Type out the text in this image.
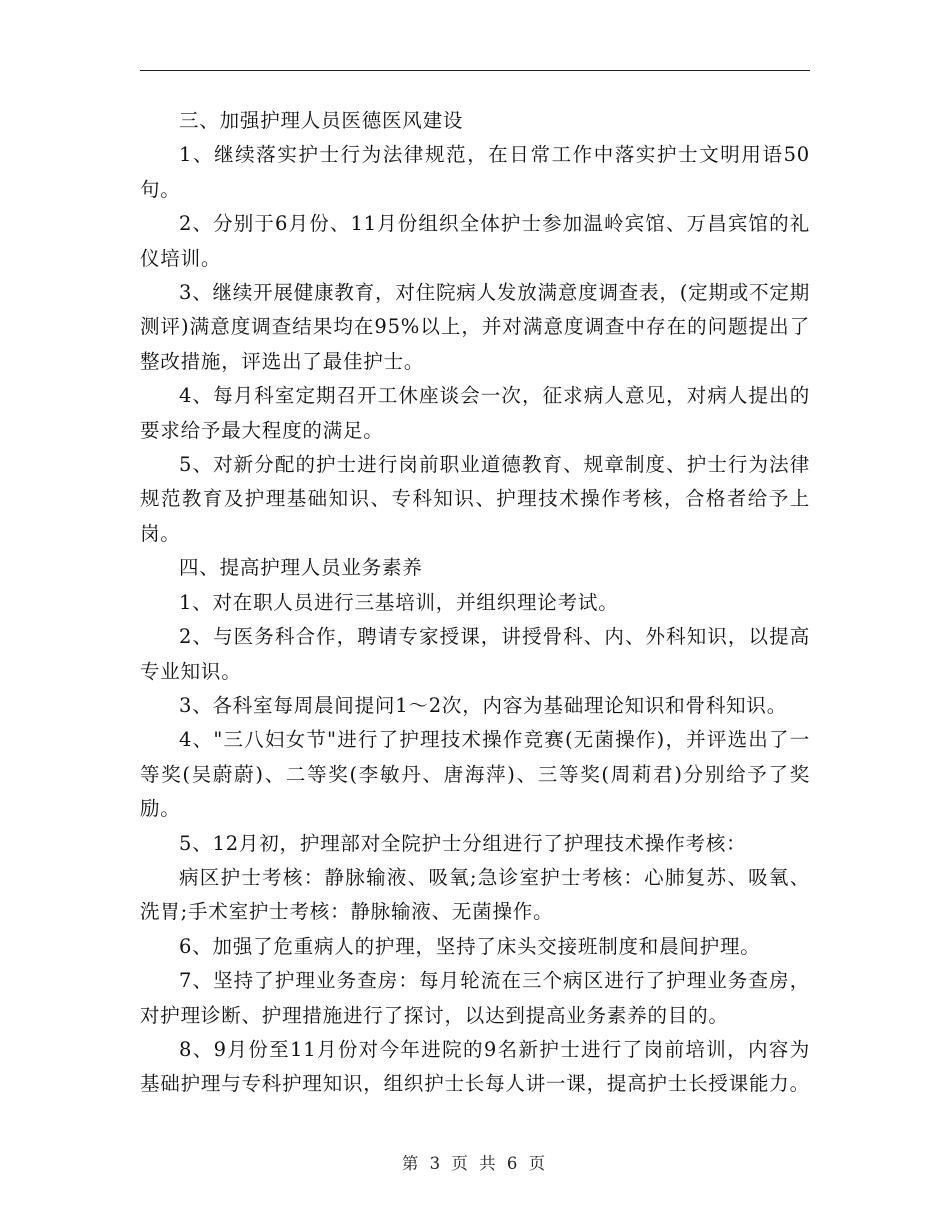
三、加强护理人员医德医风建设

1、继续落实护士行为法律规范，在日常工作中落实护士文明用语50句。

2、分别于6月份、11月份组织全体护士参加温岭宾馆、万昌宾馆的礼仪培训。

3、继续开展健康教育，对住院病人发放满意度调查表，(定期或不定期测评)满意度调查结果均在95%以上，并对满意度调查中存在的问题提出了整改措施，评选出了最佳护士。

4、每月科室定期召开工休座谈会一次，征求病人意见，对病人提出的要求给予最大程度的满足。

5、对新分配的护士进行岗前职业道德教育、规章制度、护士行为法律规范教育及护理基础知识、专科知识、护理技术操作考核，合格者给予上岗。

四、提高护理人员业务素养

1、对在职人员进行三基培训，并组织理论考试。

2、与医务科合作，聘请专家授课，讲授骨科、内、外科知识，以提高专业知识。

3、各科室每周晨间提问1～2次，内容为基础理论知识和骨科知识。

4、"三八妇女节"进行了护理技术操作竞赛(无菌操作)，并评选出了一等奖(吴蔚蔚)、二等奖(李敏丹、唐海萍)、三等奖(周莉君)分别给予了奖励。

5、12月初，护理部对全院护士分组进行了护理技术操作考核：

病区护士考核：静脉输液、吸氧;急诊室护士考核：心肺复苏、吸氧、洗胃;手术室护士考核：静脉输液、无菌操作。

6、加强了危重病人的护理，坚持了床头交接班制度和晨间护理。

7、坚持了护理业务查房：每月轮流在三个病区进行了护理业务查房，对护理诊断、护理措施进行了探讨，以达到提高业务素养的目的。

8、9月份至11月份对今年进院的9名新护士进行了岗前培训，内容为基础护理与专科护理知识，组织护士长每人讲一课，提高护士长授课能力。

第 3 页 共 6 页
